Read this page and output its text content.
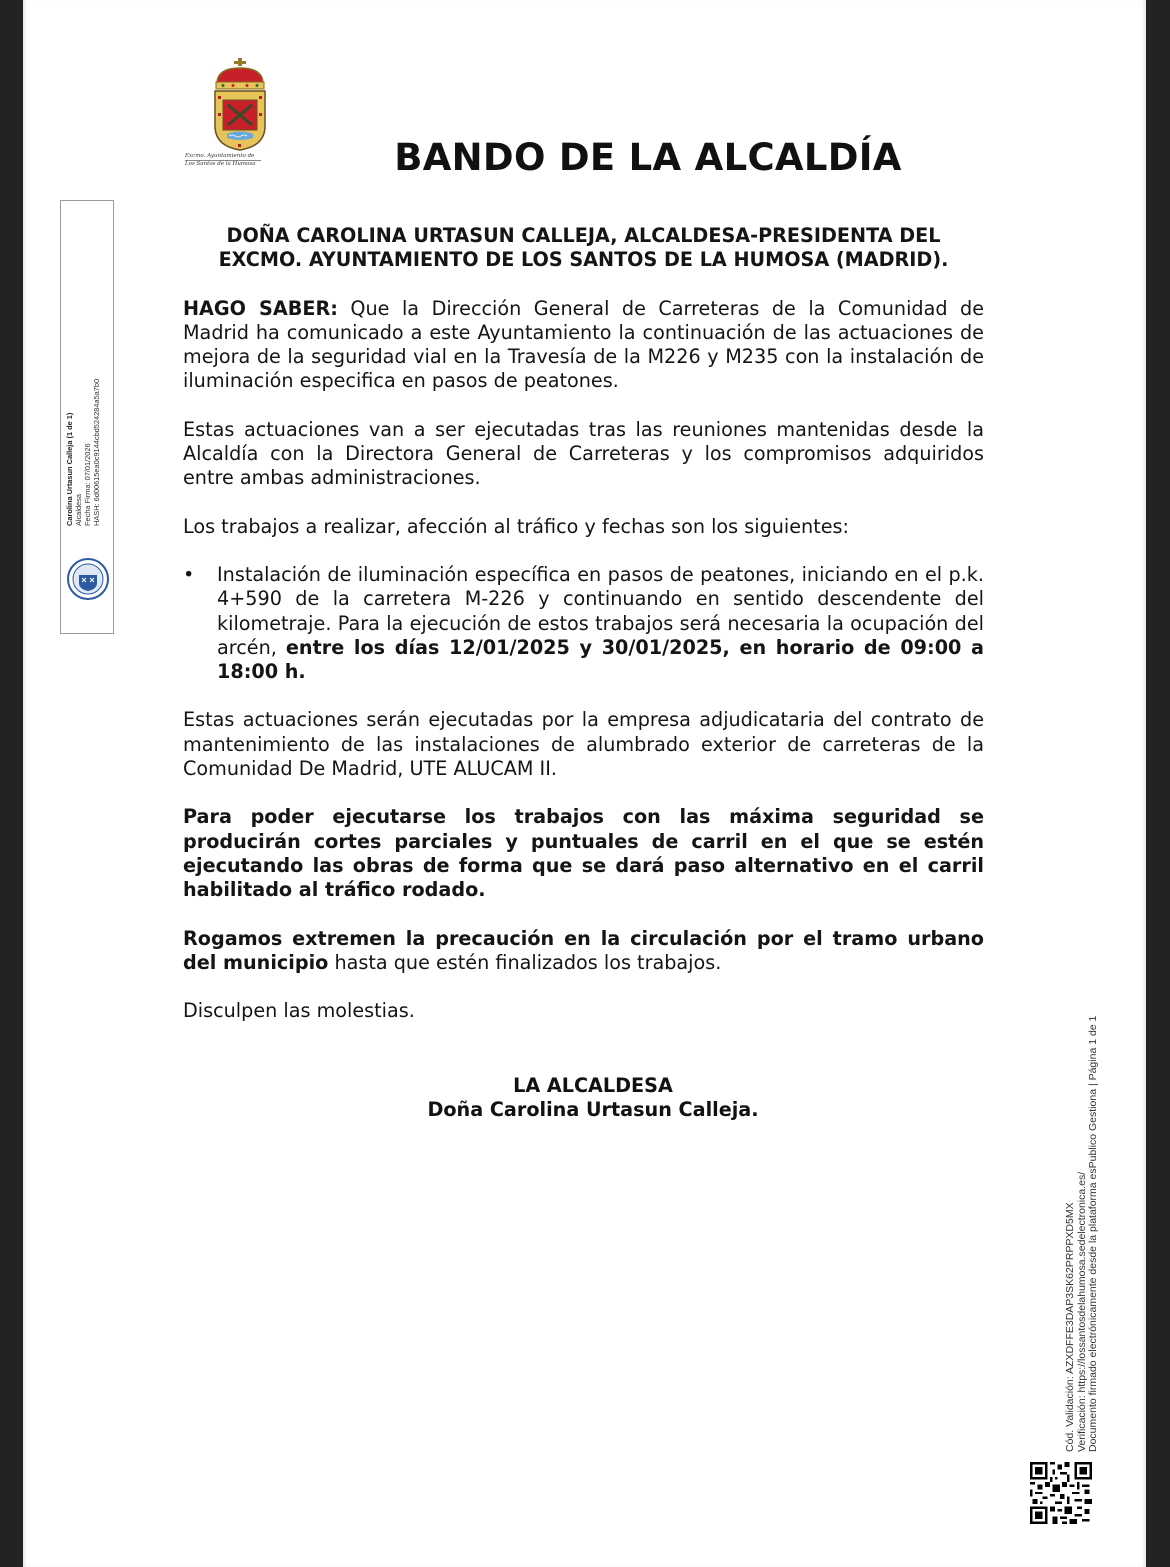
Excmo. Ayuntamiento de
Los Santos de la Humosa	BANDO DE LA ALCALDÍA
Carolina Urtasun Calleja (1 de 1) Alcaldesa Fecha Firma: 07/01/2026 HASH: 6d00615ea0c9144cbd524284a5a7b0

DOÑA CAROLINA URTASUN CALLEJA, ALCALDESA-PRESIDENTA DEL EXCMO. AYUNTAMIENTO DE LOS SANTOS DE LA HUMOSA (MADRID).

HAGO SABER: Que la Dirección General de Carreteras de la Comunidad de Madrid ha comunicado a este Ayuntamiento la continuación de las actuaciones de mejora de la seguridad vial en la Travesía de la M226 y M235 con la instalación de iluminación especifica en pasos de peatones.

Estas actuaciones van a ser ejecutadas tras las reuniones mantenidas desde la Alcaldía con la Directora General de Carreteras y los compromisos adquiridos entre ambas administraciones.

Los trabajos a realizar, afección al tráfico y fechas son los siguientes:

• Instalación de iluminación específica en pasos de peatones, iniciando en el p.k. 4+590 de la carretera M-226 y continuando en sentido descendente del kilometraje. Para la ejecución de estos trabajos será necesaria la ocupación del arcén, entre los días 12/01/2025 y 30/01/2025, en horario de 09:00 a 18:00 h.

Estas actuaciones serán ejecutadas por la empresa adjudicataria del contrato de mantenimiento de las instalaciones de alumbrado exterior de carreteras de la Comunidad De Madrid, UTE ALUCAM II.

Para poder ejecutarse los trabajos con las máxima seguridad se producirán cortes parciales y puntuales de carril en el que se estén ejecutando las obras de forma que se dará paso alternativo en el carril habilitado al tráfico rodado.

Rogamos extremen la precaución en la circulación por el tramo urbano del municipio hasta que estén finalizados los trabajos.

Disculpen las molestias.

LA ALCALDESA
Doña Carolina Urtasun Calleja.
Cód. Validación: AZXDFFE3DAP3SK62PRPPXD5MX Verificación: https://lossantosdelahumosa.sedelectronica.es/ Documento firmado electrónicamente desde la plataforma esPublico Gestiona | Página 1 de 1
